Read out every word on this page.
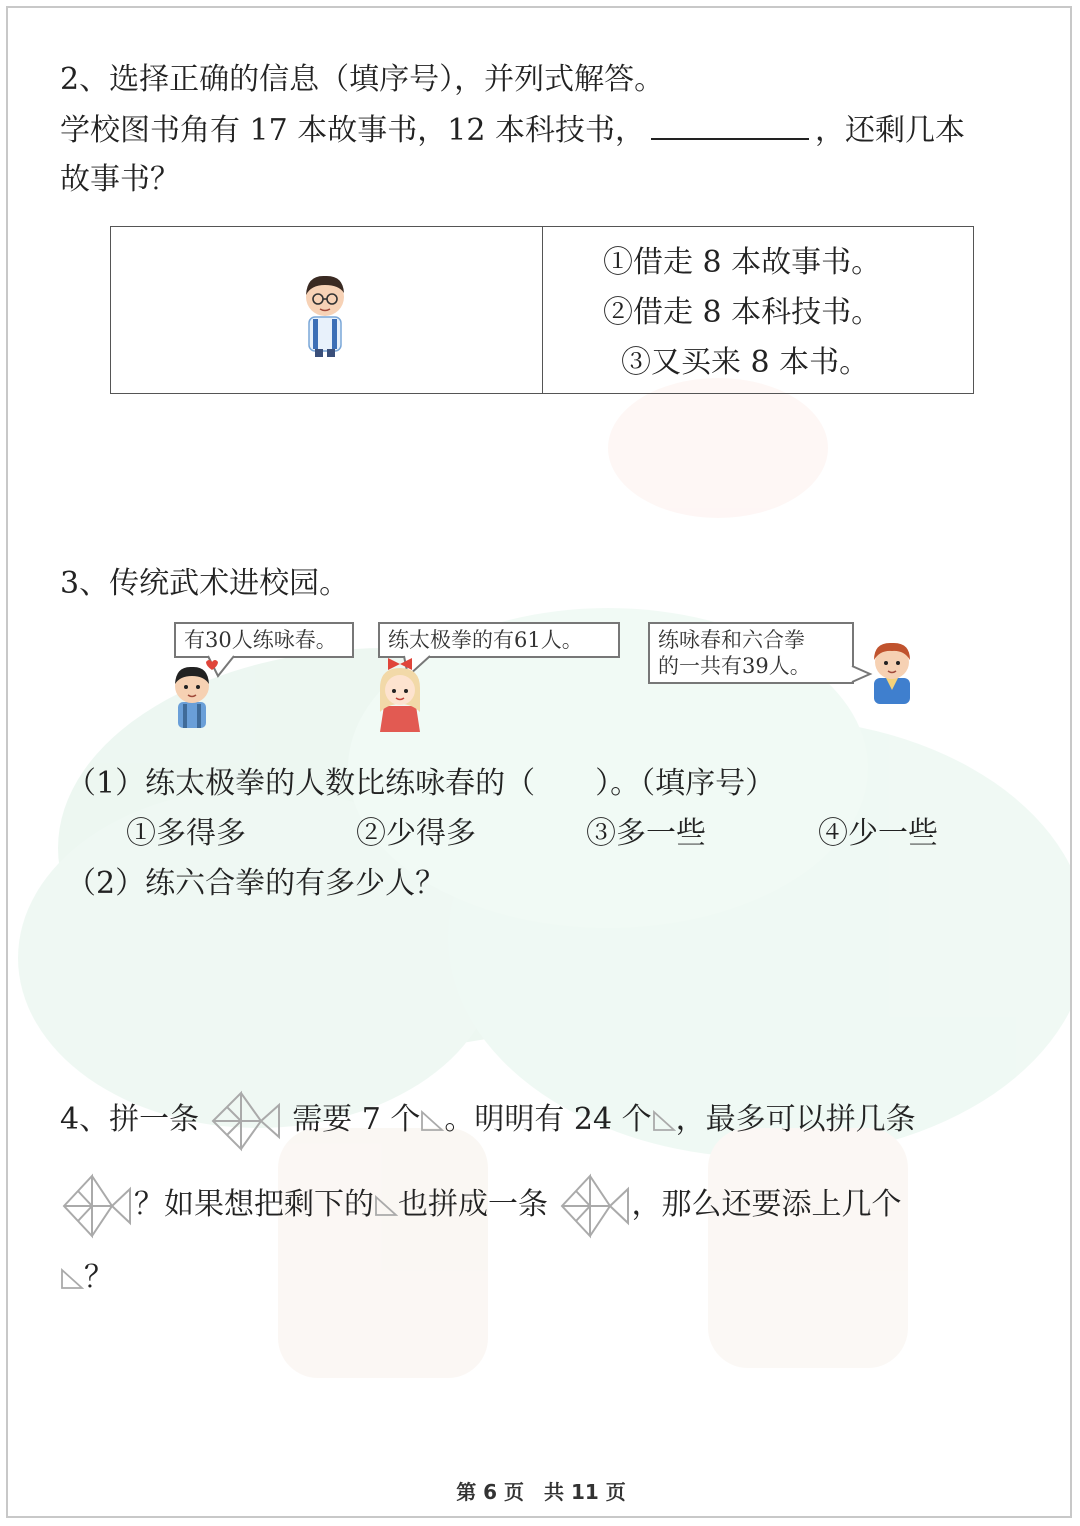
2、选择正确的信息（填序号），并列式解答。
学校图书角有 17 本故事书，12 本科技书，	，还剩几本
故事书？
①借走 8 本故事书。
②借走 8 本科技书。
③又买来 8 本书。
3、传统武术进校园。
有30人练咏春。	练太极拳的有61人。	练咏春和六合拳
的一共有39人。
（1）练太极拳的人数比练咏春的（　　）。（填序号）
①多得多	②少得多	③多一些	④少一些
（2）练六合拳的有多少人？
4、拼一条	需要 7 个 。明明有 24 个 ，最多可以拼几条
？如果想把剩下的 也拼成一条	，那么还要添上几个
？
第 6 页　共 11 页
